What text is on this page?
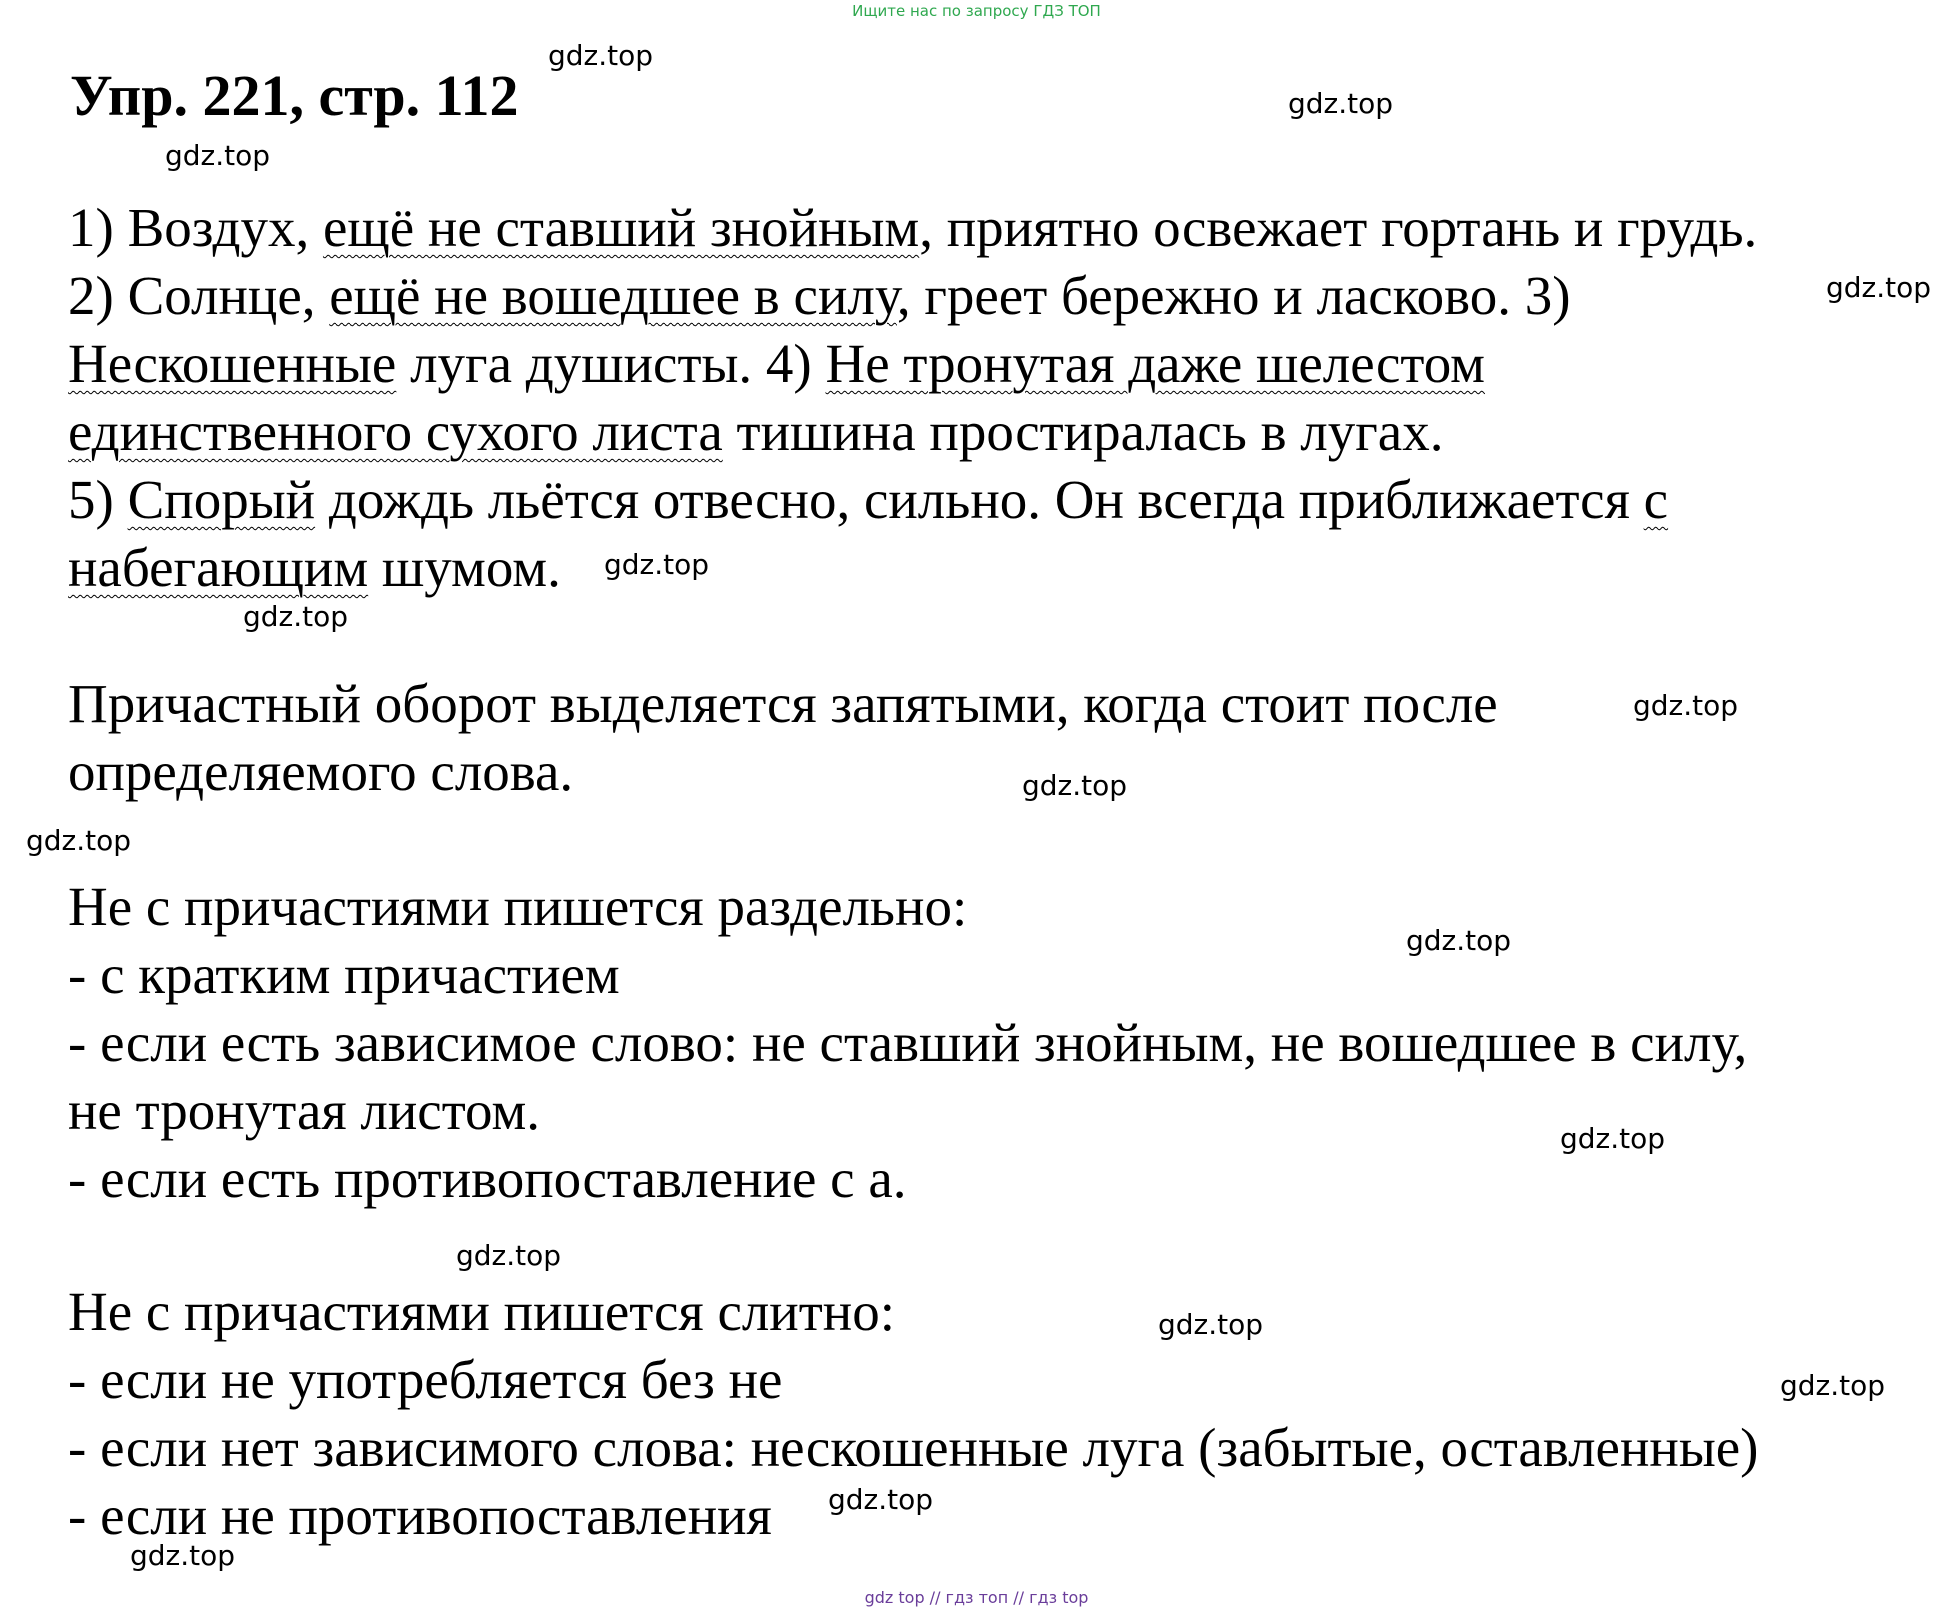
Ищите нас по запросу ГДЗ ТОП
Упр. 221, стр. 112
1) Воздух, ещё не ставший знойным, приятно освежает гортань и грудь.
2) Солнце, ещё не вошедшее в силу, греет бережно и ласково. 3)
Нескошенные луга душисты. 4) Не тронутая даже шелестом
единственного сухого листа тишина простиралась в лугах.
5) Спорый дождь льётся отвесно, сильно. Он всегда приближается с
набегающим шумом.
Причастный оборот выделяется запятыми, когда стоит после
определяемого слова.
Не с причастиями пишется раздельно:
- с кратким причастием
- если есть зависимое слово: не ставший знойным, не вошедшее в силу,
не тронутая листом.
- если есть противопоставление с а.
Не с причастиями пишется слитно:
- если не употребляется без не
- если нет зависимого слова: нескошенные луга (забытые, оставленные)
- если не противопоставления
gdz.top
gdz.top
gdz.top
gdz.top
gdz.top
gdz.top
gdz.top
gdz.top
gdz.top
gdz.top
gdz.top
gdz.top
gdz.top
gdz.top
gdz.top
gdz.top
gdz top // гдз топ // гдз top
